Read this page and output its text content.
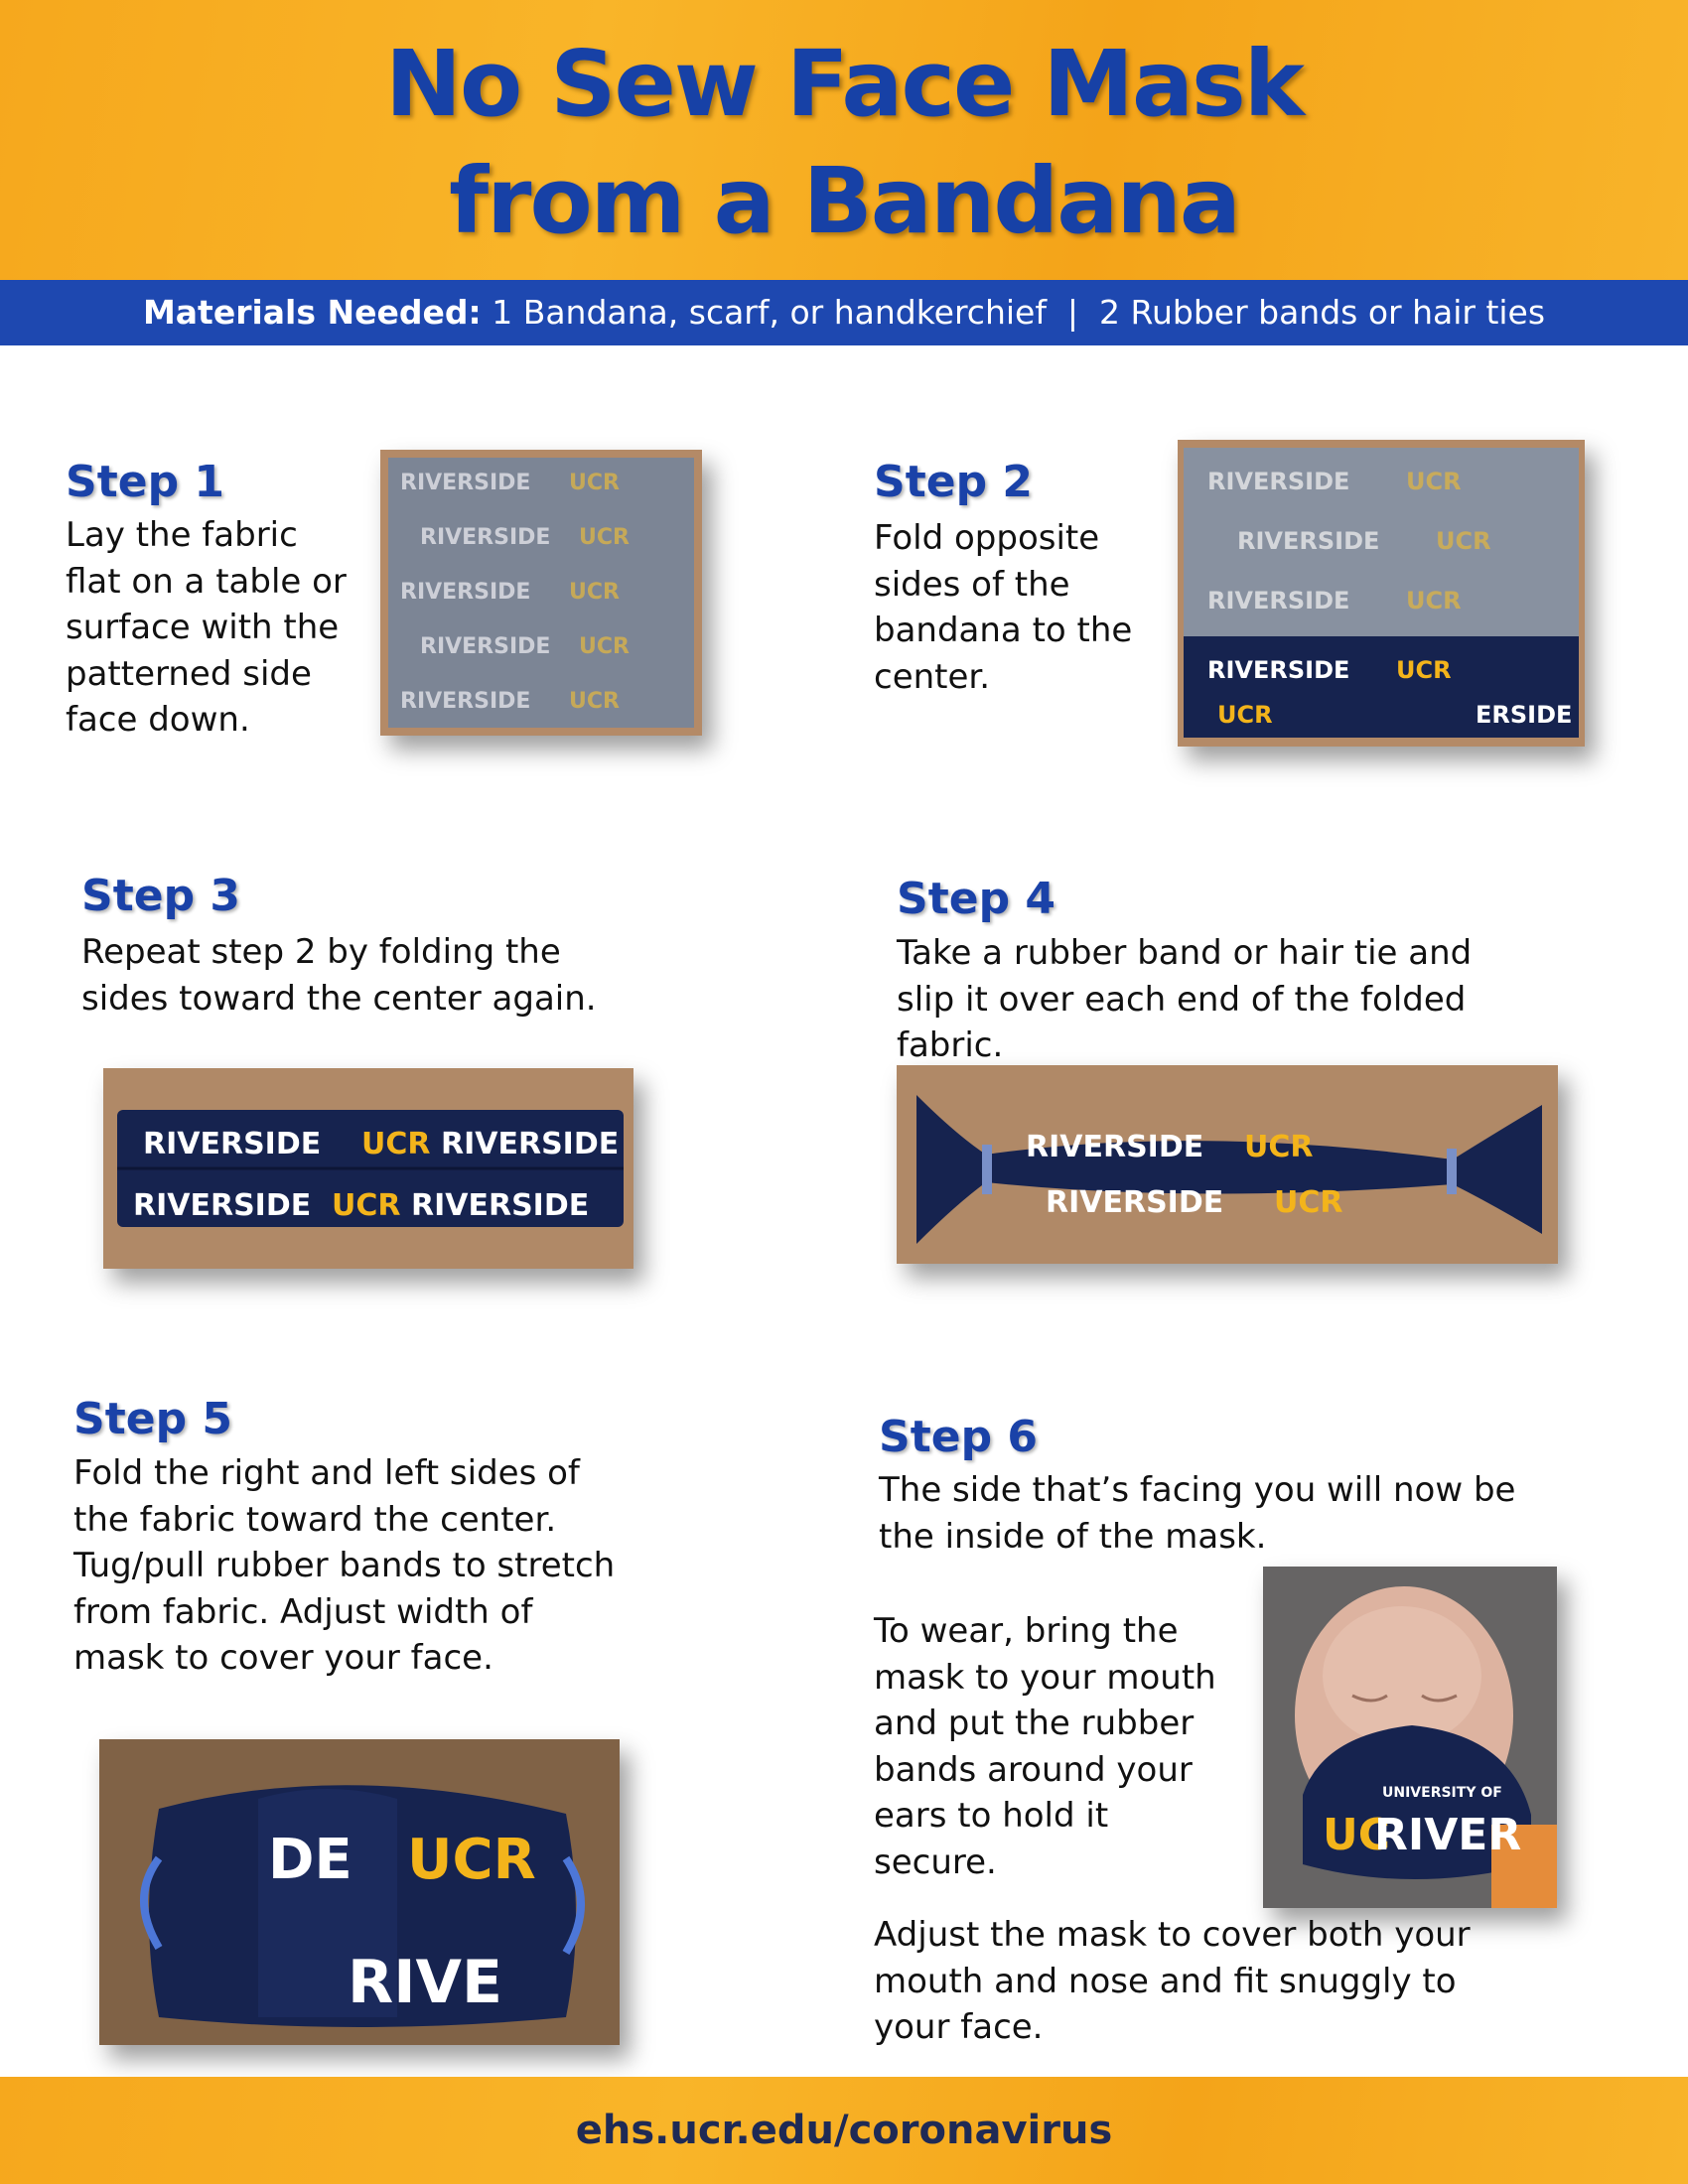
No Sew Face Mask
from a Bandana
Materials Needed: 1 Bandana, scarf, or handkerchief  |  2 Rubber bands or hair ties
Step 1

Lay the fabric flat on a table or surface with the patterned side face down.

RIVERSIDE UCR
RIVERSIDE UCR
RIVERSIDE UCR
RIVERSIDE UCR
RIVERSIDE UCR
Step 2

Fold opposite sides of the bandana to the center.

RIVERSIDE UCR
RIVERSIDE UCR
RIVERSIDE UCR
RIVERSIDE UCR
ERSIDE
UCR
Step 3

Repeat step 2 by folding the sides toward the center again.

RIVERSIDE UCR RIVERSIDE
RIVERSIDE UCR RIVERSIDE
Step 4

Take a rubber band or hair tie and slip it over each end of the folded fabric.

RIVERSIDE UCR
RIVERSIDE UCR
Step 5

Fold the right and left sides of the fabric toward the center. Tug/pull rubber bands to stretch from fabric. Adjust width of mask to cover your face.

DE UCR
RIVE
Step 6

The side that’s facing you will now be the inside of the mask.

To wear, bring the mask to your mouth and put the rubber bands around your ears to hold it secure.

UC
RIVER
UNIVERSITY OF

Adjust the mask to cover both your mouth and nose and fit snuggly to your face.

ehs.ucr.edu/coronavirus
